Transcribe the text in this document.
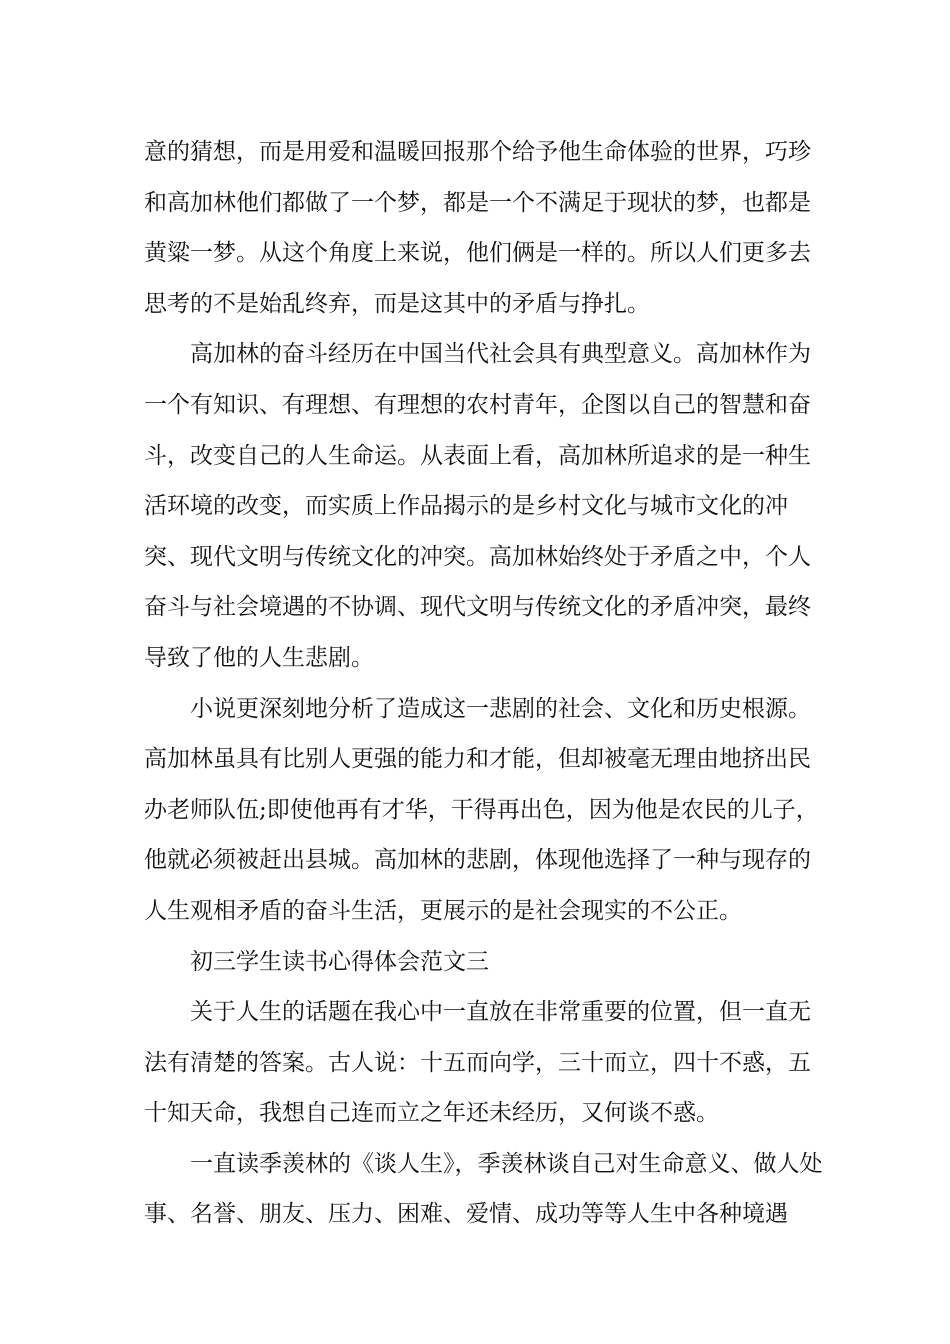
意的猜想，而是用爱和温暖回报那个给予他生命体验的世界，巧珍和高加林他们都做了一个梦，都是一个不满足于现状的梦，也都是黄粱一梦。从这个角度上来说，他们俩是一样的。所以人们更多去思考的不是始乱终弃，而是这其中的矛盾与挣扎。

高加林的奋斗经历在中国当代社会具有典型意义。高加林作为一个有知识、有理想、有理想的农村青年，企图以自己的智慧和奋斗，改变自己的人生命运。从表面上看，高加林所追求的是一种生活环境的改变，而实质上作品揭示的是乡村文化与城市文化的冲突、现代文明与传统文化的冲突。高加林始终处于矛盾之中，个人奋斗与社会境遇的不协调、现代文明与传统文化的矛盾冲突，最终导致了他的人生悲剧。

小说更深刻地分析了造成这一悲剧的社会、文化和历史根源。高加林虽具有比别人更强的能力和才能，但却被毫无理由地挤出民办老师队伍;即使他再有才华，干得再出色，因为他是农民的儿子，他就必须被赶出县城。高加林的悲剧，体现他选择了一种与现存的人生观相矛盾的奋斗生活，更展示的是社会现实的不公正。

初三学生读书心得体会范文三

关于人生的话题在我心中一直放在非常重要的位置，但一直无法有清楚的答案。古人说：十五而向学，三十而立，四十不惑，五十知天命，我想自己连而立之年还未经历，又何谈不惑。

一直读季羡林的《谈人生》，季羡林谈自己对生命意义、做人处事、名誉、朋友、压力、困难、爱情、成功等等人生中各种境遇
